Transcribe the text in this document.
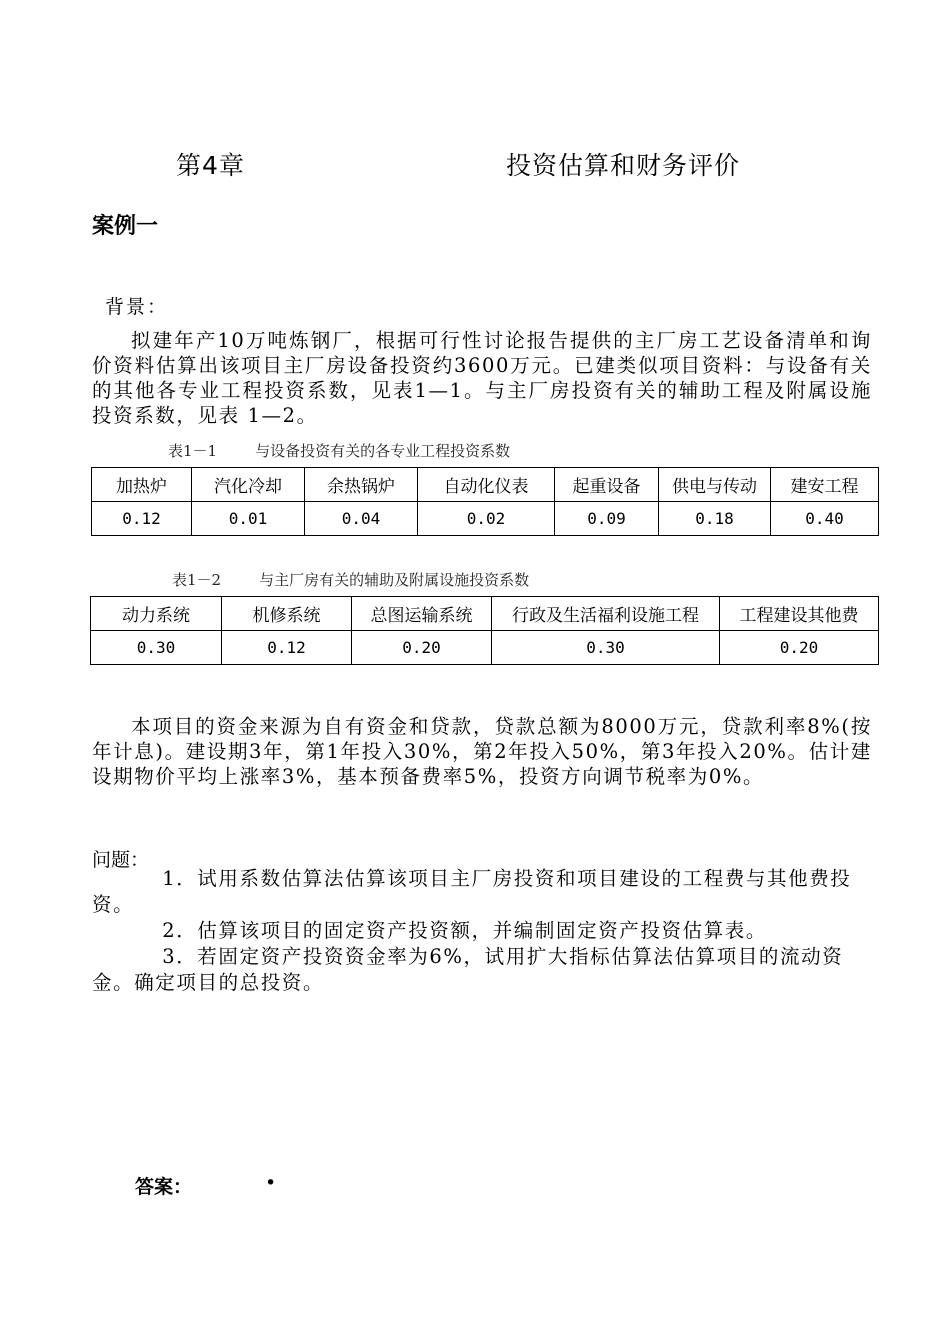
第4章	投资估算和财务评价
案例一
背景：

拟建年产10万吨炼钢厂，根据可行性讨论报告提供的主厂房工艺设备清单和询价资料估算出该项目主厂房设备投资约3600万元。已建类似项目资料：与设备有关的其他各专业工程投资系数，见表1—1。与主厂房投资有关的辅助工程及附属设施投资系数，见表 1—2。

表1－1	与设备投资有关的各专业工程投资系数
加热炉	汽化冷却	余热锅炉	自动化仪表	起重设备	供电与传动	建安工程
0.12	0.01	0.04	0.02	0.09	0.18	0.40
表1－2	与主厂房有关的辅助及附属设施投资系数
动力系统	机修系统	总图运输系统	行政及生活福利设施工程	工程建设其他费
0.30	0.12	0.20	0.30	0.20

本项目的资金来源为自有资金和贷款，贷款总额为8000万元，贷款利率8%(按年计息)。建设期3年，第1年投入30%，第2年投入50%，第3年投入20%。估计建设期物价平均上涨率3%，基本预备费率5%，投资方向调节税率为0%。

问题：

1．试用系数估算法估算该项目主厂房投资和项目建设的工程费与其他费投资。

2．估算该项目的固定资产投资额，并编制固定资产投资估算表。

3．若固定资产投资资金率为6%，试用扩大指标估算法估算项目的流动资金。确定项目的总投资。

答案：	•
